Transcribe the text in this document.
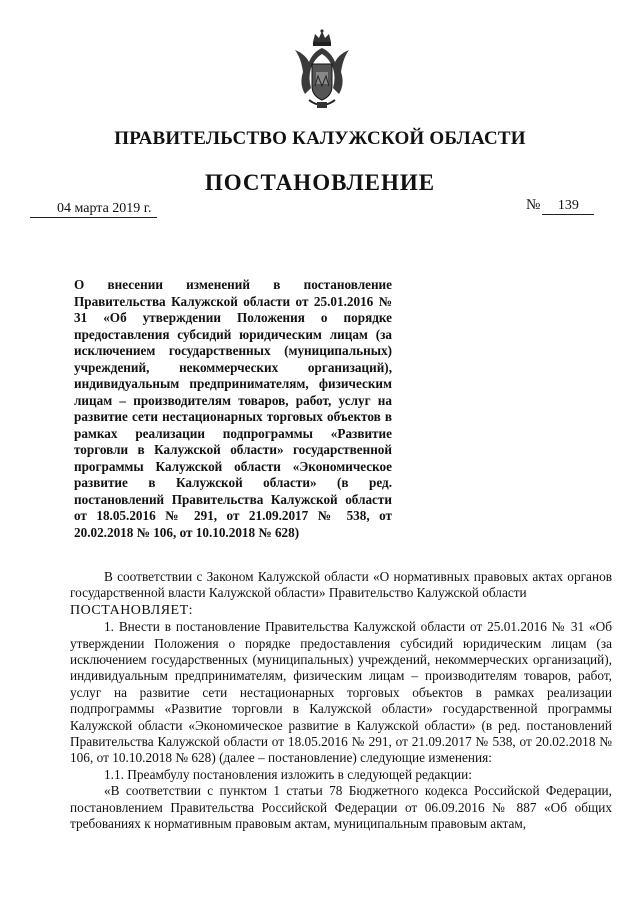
ПРАВИТЕЛЬСТВО КАЛУЖСКОЙ ОБЛАСТИ
ПОСТАНОВЛЕНИЕ
04 марта 2019 г.	№ 139
О внесении изменений в постановление Правительства Калужской области от 25.01.2016 № 31 «Об утверждении Положения о порядке предоставления субсидий юридическим лицам (за исключением государственных (муниципальных) учреждений, некоммерческих организаций), индивидуальным предпринимателям, физическим лицам – производителям товаров, работ, услуг на развитие сети нестационарных торговых объектов в рамках реализации подпрограммы «Развитие торговли в Калужской области» государственной программы Калужской области «Экономическое развитие в Калужской области» (в ред. постановлений Правительства Калужской области от 18.05.2016 № 291, от 21.09.2017 № 538, от 20.02.2018 № 106, от 10.10.2018 № 628)

В соответствии с Законом Калужской области «О нормативных правовых актах органов государственной власти Калужской области» Правительство Калужской области

ПОСТАНОВЛЯЕТ:

1. Внести в постановление Правительства Калужской области от 25.01.2016 № 31 «Об утверждении Положения о порядке предоставления субсидий юридическим лицам (за исключением государственных (муниципальных) учреждений, некоммерческих организаций), индивидуальным предпринимателям, физическим лицам – производителям товаров, работ, услуг на развитие сети нестационарных торговых объектов в рамках реализации подпрограммы «Развитие торговли в Калужской области» государственной программы Калужской области «Экономическое развитие в Калужской области» (в ред. постановлений Правительства Калужской области от 18.05.2016 № 291, от 21.09.2017 № 538, от 20.02.2018 № 106, от 10.10.2018 № 628) (далее – постановление) следующие изменения:

1.1. Преамбулу постановления изложить в следующей редакции:

«В соответствии с пунктом 1 статьи 78 Бюджетного кодекса Российской Федерации, постановлением Правительства Российской Федерации от 06.09.2016 № 887 «Об общих требованиях к нормативным правовым актам, муниципальным правовым актам,
